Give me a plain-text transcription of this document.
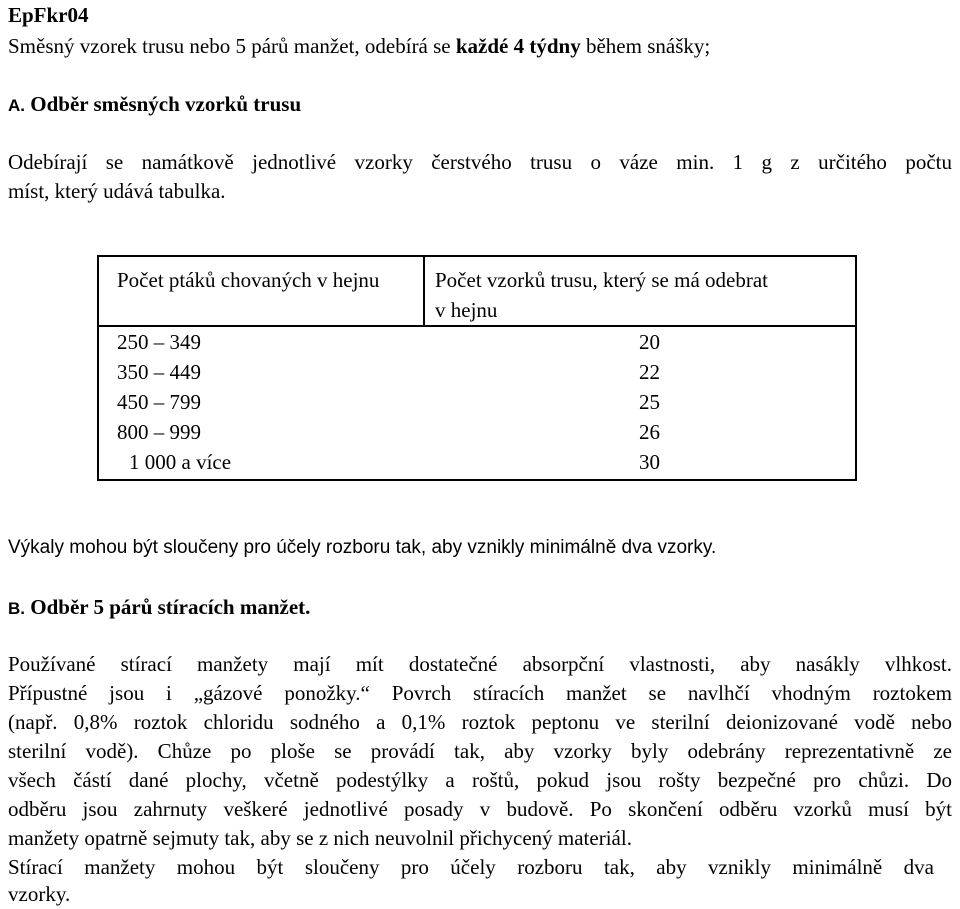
EpFkr04
Směsný vzorek trusu nebo 5 párů manžet, odebírá se každé 4 týdny během snášky;
A. Odběr směsných vzorků trusu
Odebírají se namátkově jednotlivé vzorky čerstvého trusu o váze min. 1 g z určitého počtu
míst, který udává tabulka.
Počet ptáků chovaných v hejnu	Počet vzorků trusu, který se má odebrat
v hejnu

250 – 349	20
350 – 449	22
450 – 799	25
800 – 999	26
1 000 a více	30
Výkaly mohou být sloučeny pro účely rozboru tak, aby vznikly minimálně dva vzorky.
B. Odběr 5 párů stíracích manžet.
Používané stírací manžety mají mít dostatečné absorpční vlastnosti, aby nasákly vlhkost.
Přípustné jsou i „gázové ponožky.“ Povrch stíracích manžet se navlhčí vhodným roztokem
(např. 0,8% roztok chloridu sodného a 0,1% roztok peptonu ve sterilní deionizované vodě nebo
sterilní vodě). Chůze po ploše se provádí tak, aby vzorky byly odebrány reprezentativně ze
všech částí dané plochy, včetně podestýlky a roštů, pokud jsou rošty bezpečné pro chůzi. Do
odběru jsou zahrnuty veškeré jednotlivé posady v budově. Po skončení odběru vzorků musí být
manžety opatrně sejmuty tak, aby se z nich neuvolnil přichycený materiál.
Stírací manžety mohou být sloučeny pro účely rozboru tak, aby vznikly minimálně dva
vzorky.
